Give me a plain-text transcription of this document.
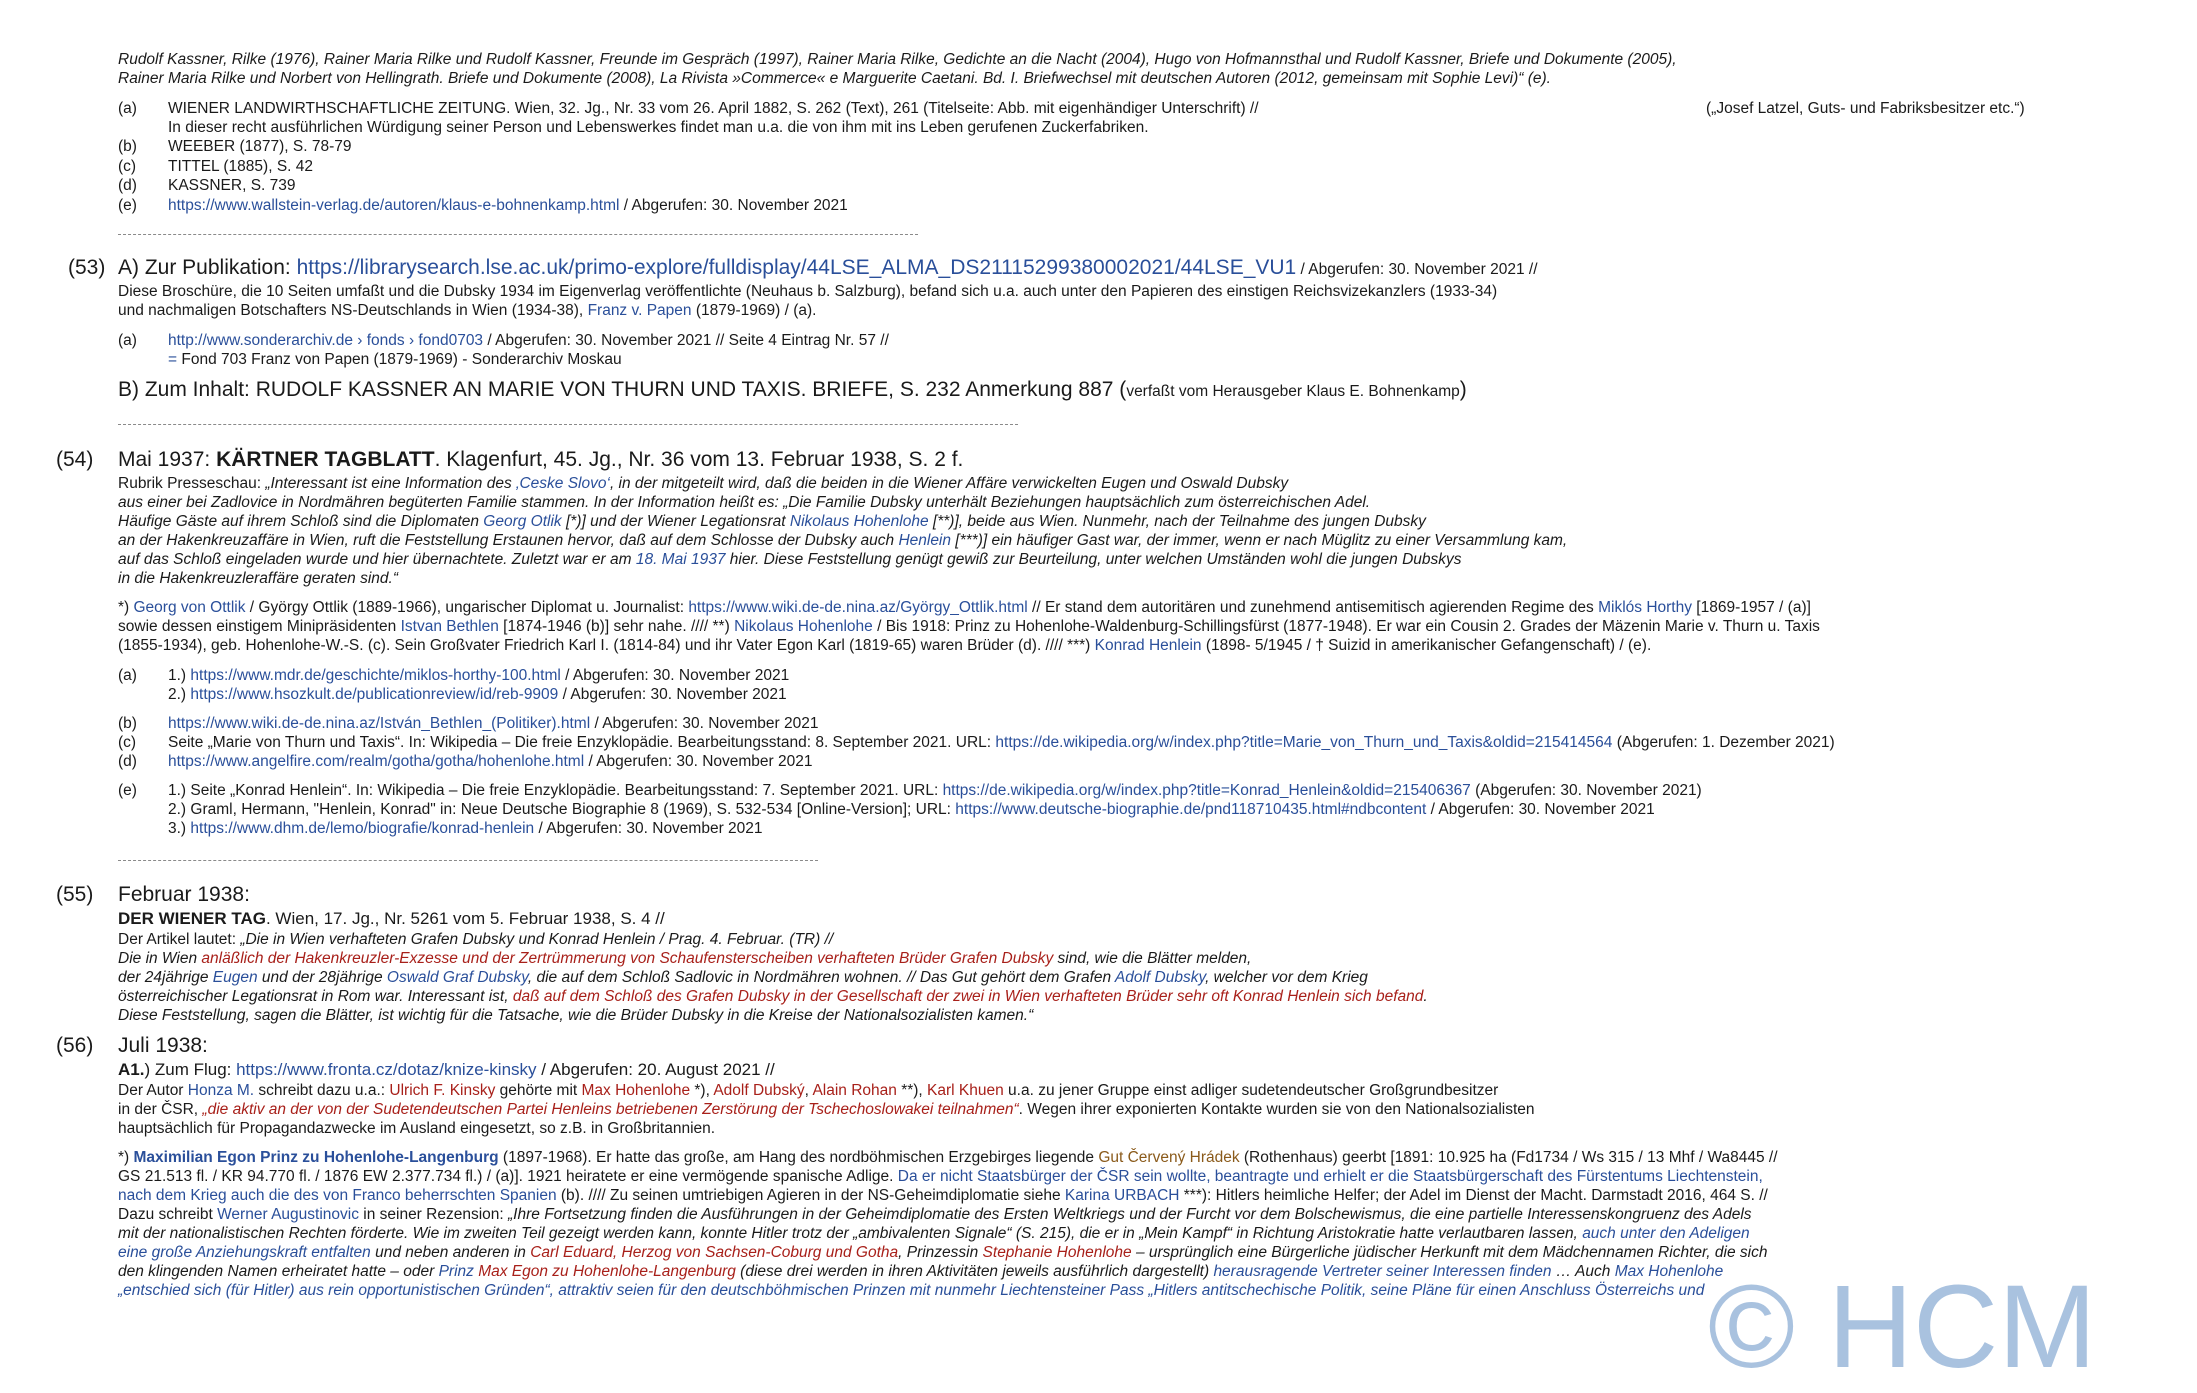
Rudolf Kassner, Rilke (1976), Rainer Maria Rilke und Rudolf Kassner, Freunde im Gespräch (1997), Rainer Maria Rilke, Gedichte an die Nacht (2004), Hugo von Hofmannsthal und Rudolf Kassner, Briefe und Dokumente (2005),
Rainer Maria Rilke und Norbert von Hellingrath. Briefe und Dokumente (2008), La Rivista »Commerce« e Marguerite Caetani. Bd. I. Briefwechsel mit deutschen Autoren (2012, gemeinsam mit Sophie Levi)“ (e).
(a) WIENER LANDWIRTHSCHAFTLICHE ZEITUNG. Wien, 32. Jg., Nr. 33 vom 26. April 1882, S. 262 (Text), 261 (Titelseite: Abb. mit eigenhändiger Unterschrift) //	(„Josef Latzel, Guts- und Fabriksbesitzer etc.“)
In dieser recht ausführlichen Würdigung seiner Person und Lebenswerkes findet man u.a. die von ihm mit ins Leben gerufenen Zuckerfabriken.
(b) WEEBER (1877), S. 78-79
(c) TITTEL (1885), S. 42
(d) KASSNER, S. 739
(e) https://www.wallstein-verlag.de/autoren/klaus-e-bohnenkamp.html / Abgerufen: 30. November 2021
(53) A) Zur Publikation: https://librarysearch.lse.ac.uk/primo-explore/fulldisplay/44LSE_ALMA_DS21115299380002021/44LSE_VU1 / Abgerufen: 30. November 2021 //
Diese Broschüre, die 10 Seiten umfaßt und die Dubsky 1934 im Eigenverlag veröffentlichte (Neuhaus b. Salzburg), befand sich u.a. auch unter den Papieren des einstigen Reichsvizekanzlers (1933-34)
und nachmaligen Botschafters NS-Deutschlands in Wien (1934-38), Franz v. Papen (1879-1969) / (a).
(a) http://www.sonderarchiv.de › fonds › fond0703 / Abgerufen: 30. November 2021 // Seite 4 Eintrag Nr. 57 //
= Fond 703 Franz von Papen (1879-1969) - Sonderarchiv Moskau
B) Zum Inhalt: RUDOLF KASSNER AN MARIE VON THURN UND TAXIS. BRIEFE, S. 232 Anmerkung 887 (verfaßt vom Herausgeber Klaus E. Bohnenkamp)
(54) Mai 1937: KÄRTNER TAGBLATT. Klagenfurt, 45. Jg., Nr. 36 vom 13. Februar 1938, S. 2 f.
Rubrik Presseschau: „Interessant ist eine Information des ‚Ceske Slovo‘, in der mitgeteilt wird, daß die beiden in die Wiener Affäre verwickelten Eugen und Oswald Dubsky
aus einer bei Zadlovice in Nordmähren begüterten Familie stammen. In der Information heißt es: „Die Familie Dubsky unterhält Beziehungen hauptsächlich zum österreichischen Adel.
Häufige Gäste auf ihrem Schloß sind die Diplomaten Georg Otlik [*)] und der Wiener Legationsrat Nikolaus Hohenlohe [**)], beide aus Wien. Nunmehr, nach der Teilnahme des jungen Dubsky
an der Hakenkreuzaffäre in Wien, ruft die Feststellung Erstaunen hervor, daß auf dem Schlosse der Dubsky auch Henlein [***)] ein häufiger Gast war, der immer, wenn er nach Müglitz zu einer Versammlung kam,
auf das Schloß eingeladen wurde und hier übernachtete. Zuletzt war er am 18. Mai 1937 hier. Diese Feststellung genügt gewiß zur Beurteilung, unter welchen Umständen wohl die jungen Dubskys
in die Hakenkreuzleraffäre geraten sind.“
*) Georg von Ottlik / György Ottlik (1889-1966), ungarischer Diplomat u. Journalist: https://www.wiki.de-de.nina.az/György_Ottlik.html // Er stand dem autoritären und zunehmend antisemitisch agierenden Regime des Miklós Horthy [1869-1957 / (a)]
sowie dessen einstigem Minipräsidenten Istvan Bethlen [1874-1946 (b)] sehr nahe. //// **) Nikolaus Hohenlohe / Bis 1918: Prinz zu Hohenlohe-Waldenburg-Schillingsfürst (1877-1948). Er war ein Cousin 2. Grades der Mäzenin Marie v. Thurn u. Taxis
(1855-1934), geb. Hohenlohe-W.-S. (c). Sein Großvater Friedrich Karl I. (1814-84) und ihr Vater Egon Karl (1819-65) waren Brüder (d). //// ***) Konrad Henlein (1898- 5/1945 / † Suizid in amerikanischer Gefangenschaft) / (e).
(a) 1.) https://www.mdr.de/geschichte/miklos-horthy-100.html / Abgerufen: 30. November 2021
2.) https://www.hsozkult.de/publicationreview/id/reb-9909 / Abgerufen: 30. November 2021
(b) https://www.wiki.de-de.nina.az/István_Bethlen_(Politiker).html / Abgerufen: 30. November 2021
(c) Seite „Marie von Thurn und Taxis“. In: Wikipedia – Die freie Enzyklopädie. Bearbeitungsstand: 8. September 2021. URL: https://de.wikipedia.org/w/index.php?title=Marie_von_Thurn_und_Taxis&oldid=215414564 (Abgerufen: 1. Dezember 2021)
(d) https://www.angelfire.com/realm/gotha/gotha/hohenlohe.html / Abgerufen: 30. November 2021
(e) 1.) Seite „Konrad Henlein“. In: Wikipedia – Die freie Enzyklopädie. Bearbeitungsstand: 7. September 2021. URL: https://de.wikipedia.org/w/index.php?title=Konrad_Henlein&oldid=215406367 (Abgerufen: 30. November 2021)
2.) Graml, Hermann, "Henlein, Konrad" in: Neue Deutsche Biographie 8 (1969), S. 532-534 [Online-Version]; URL: https://www.deutsche-biographie.de/pnd118710435.html#ndbcontent / Abgerufen: 30. November 2021
3.) https://www.dhm.de/lemo/biografie/konrad-henlein / Abgerufen: 30. November 2021
(55) Februar 1938:
DER WIENER TAG. Wien, 17. Jg., Nr. 5261 vom 5. Februar 1938, S. 4 //
Der Artikel lautet: „Die in Wien verhafteten Grafen Dubsky und Konrad Henlein / Prag. 4. Februar. (TR) //
Die in Wien anläßlich der Hakenkreuzler-Exzesse und der Zertrümmerung von Schaufensterscheiben verhafteten Brüder Grafen Dubsky sind, wie die Blätter melden,
der 24jährige Eugen und der 28jährige Oswald Graf Dubsky, die auf dem Schloß Sadlovic in Nordmähren wohnen. // Das Gut gehört dem Grafen Adolf Dubsky, welcher vor dem Krieg
österreichischer Legationsrat in Rom war. Interessant ist, daß auf dem Schloß des Grafen Dubsky in der Gesellschaft der zwei in Wien verhafteten Brüder sehr oft Konrad Henlein sich befand.
Diese Feststellung, sagen die Blätter, ist wichtig für die Tatsache, wie die Brüder Dubsky in die Kreise der Nationalsozialisten kamen.“
(56) Juli 1938:
A1.) Zum Flug: https://www.fronta.cz/dotaz/knize-kinsky / Abgerufen: 20. August 2021 //
Der Autor Honza M. schreibt dazu u.a.: Ulrich F. Kinsky gehörte mit Max Hohenlohe *), Adolf Dubský, Alain Rohan **), Karl Khuen u.a. zu jener Gruppe einst adliger sudetendeutscher Großgrundbesitzer
in der ČSR, „die aktiv an der von der Sudetendeutschen Partei Henleins betriebenen Zerstörung der Tschechoslowakei teilnahmen“. Wegen ihrer exponierten Kontakte wurden sie von den Nationalsozialisten
hauptsächlich für Propagandazwecke im Ausland eingesetzt, so z.B. in Großbritannien.
*) Maximilian Egon Prinz zu Hohenlohe-Langenburg (1897-1968). Er hatte das große, am Hang des nordböhmischen Erzgebirges liegende Gut Červený Hrádek (Rothenhaus) geerbt [1891: 10.925 ha (Fd1734 / Ws 315 / 13 Mhf / Wa8445 //
GS 21.513 fl. / KR 94.770 fl. / 1876 EW 2.377.734 fl.) / (a)]. 1921 heiratete er eine vermögende spanische Adlige. Da er nicht Staatsbürger der ČSR sein wollte, beantragte und erhielt er die Staatsbürgerschaft des Fürstentums Liechtenstein,
nach dem Krieg auch die des von Franco beherrschten Spanien (b). //// Zu seinen umtriebigen Agieren in der NS-Geheimdiplomatie siehe Karina URBACH ***): Hitlers heimliche Helfer; der Adel im Dienst der Macht. Darmstadt 2016, 464 S. //
Dazu schreibt Werner Augustinovic in seiner Rezension: „Ihre Fortsetzung finden die Ausführungen in der Geheimdiplomatie des Ersten Weltkriegs und der Furcht vor dem Bolschewismus, die eine partielle Interessenskongruenz des Adels
mit der nationalistischen Rechten förderte. Wie im zweiten Teil gezeigt werden kann, konnte Hitler trotz der „ambivalenten Signale“ (S. 215), die er in „Mein Kampf“ in Richtung Aristokratie hatte verlautbaren lassen, auch unter den Adeligen
eine große Anziehungskraft entfalten und neben anderen in Carl Eduard, Herzog von Sachsen-Coburg und Gotha, Prinzessin Stephanie Hohenlohe – ursprünglich eine Bürgerliche jüdischer Herkunft mit dem Mädchennamen Richter, die sich
den klingenden Namen erheiratet hatte – oder Prinz Max Egon zu Hohenlohe-Langenburg (diese drei werden in ihren Aktivitäten jeweils ausführlich dargestellt) herausragende Vertreter seiner Interessen finden … Auch Max Hohenlohe
„entschied sich (für Hitler) aus rein opportunistischen Gründen“, attraktiv seien für den deutschböhmischen Prinzen mit nunmehr Liechtensteiner Pass „Hitlers antitschechische Politik, seine Pläne für einen Anschluss Österreichs und © HCM
